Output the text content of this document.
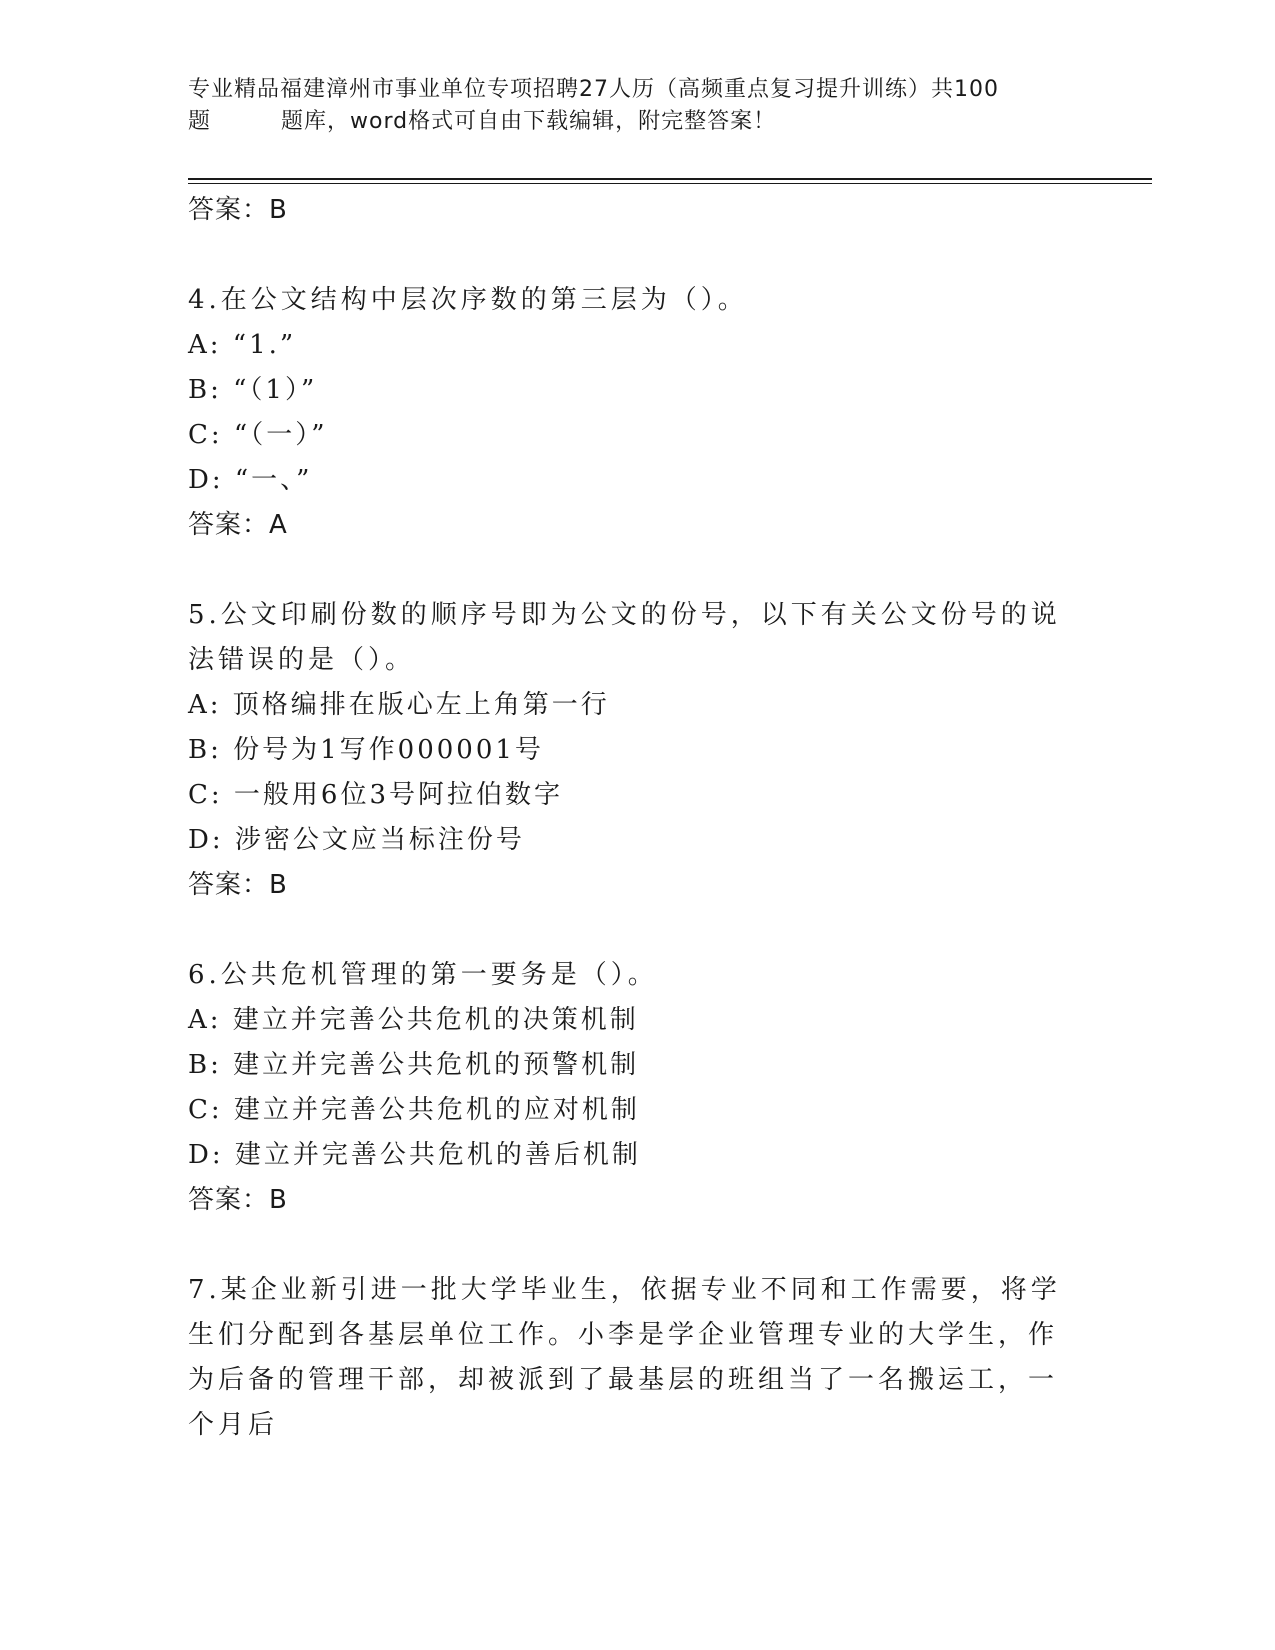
专业精品福建漳州市事业单位专项招聘27人历（高频重点复习提升训练）共100
题	题库，word格式可自由下载编辑，附完整答案！
答案：B
4.在公文结构中层次序数的第三层为（）。
A: “1.”
B: “（1）”
C: “（一）”
D: “一、”
答案：A
5.公文印刷份数的顺序号即为公文的份号，以下有关公文份号的说法错误的是（）。
A: 顶格编排在版心左上角第一行
B: 份号为1写作000001号
C: 一般用6位3号阿拉伯数字
D: 涉密公文应当标注份号
答案：B
6.公共危机管理的第一要务是（）。
A: 建立并完善公共危机的决策机制
B: 建立并完善公共危机的预警机制
C: 建立并完善公共危机的应对机制
D: 建立并完善公共危机的善后机制
答案：B
7.某企业新引进一批大学毕业生，依据专业不同和工作需要，将学生们分配到各基层单位工作。小李是学企业管理专业的大学生，作为后备的管理干部，却被派到了最基层的班组当了一名搬运工，一个月后
